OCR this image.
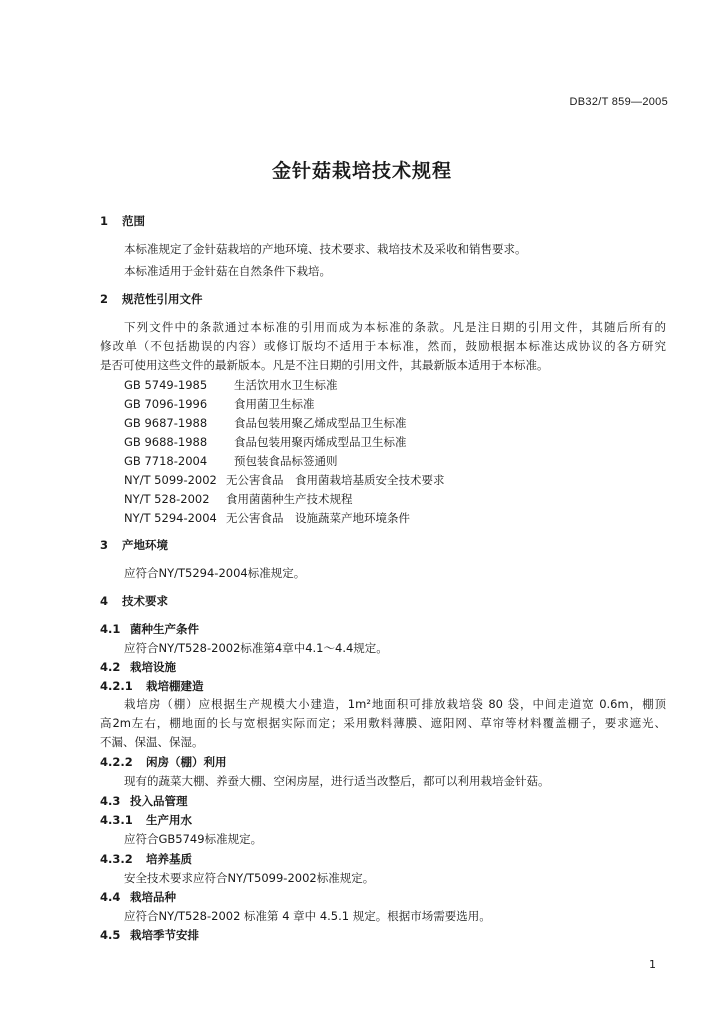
DB32/T 859—2005
金针菇栽培技术规程
1 范围
本标准规定了金针菇栽培的产地环境、技术要求、栽培技术及采收和销售要求。
本标准适用于金针菇在自然条件下栽培。
2 规范性引用文件
下列文件中的条款通过本标准的引用而成为本标准的条款。凡是注日期的引用文件，其随后所有的
修改单（不包括勘误的内容）或修订版均不适用于本标准，然而，鼓励根据本标准达成协议的各方研究
是否可使用这些文件的最新版本。凡是不注日期的引用文件，其最新版本适用于本标准。
GB 5749-1985 生活饮用水卫生标准
GB 7096-1996 食用菌卫生标准
GB 9687-1988 食品包装用聚乙烯成型品卫生标准
GB 9688-1988 食品包装用聚丙烯成型品卫生标准
GB 7718-2004 预包装食品标签通则
NY/T 5099-2002 无公害食品　食用菌栽培基质安全技术要求
NY/T 528-2002 食用菌菌种生产技术规程
NY/T 5294-2004 无公害食品　设施蔬菜产地环境条件
3 产地环境
应符合NY/T5294-2004标准规定。
4 技术要求
4.1 菌种生产条件
应符合NY/T528-2002标准第4章中4.1～4.4规定。
4.2 栽培设施
4.2.1 栽培棚建造
栽培房（棚）应根据生产规模大小建造，1m²地面积可排放栽培袋 80 袋，中间走道宽 0.6m，棚顶
高2m左右，棚地面的长与宽根据实际而定；采用敷料薄膜、遮阳网、草帘等材料覆盖棚子，要求遮光、
不漏、保温、保湿。
4.2.2 闲房（棚）利用
现有的蔬菜大棚、养蚕大棚、空闲房屋，进行适当改整后，都可以利用栽培金针菇。
4.3 投入品管理
4.3.1 生产用水
应符合GB5749标准规定。
4.3.2 培养基质
安全技术要求应符合NY/T5099-2002标准规定。
4.4 栽培品种
应符合NY/T528-2002 标准第 4 章中 4.5.1 规定。根据市场需要选用。
4.5 栽培季节安排
1
